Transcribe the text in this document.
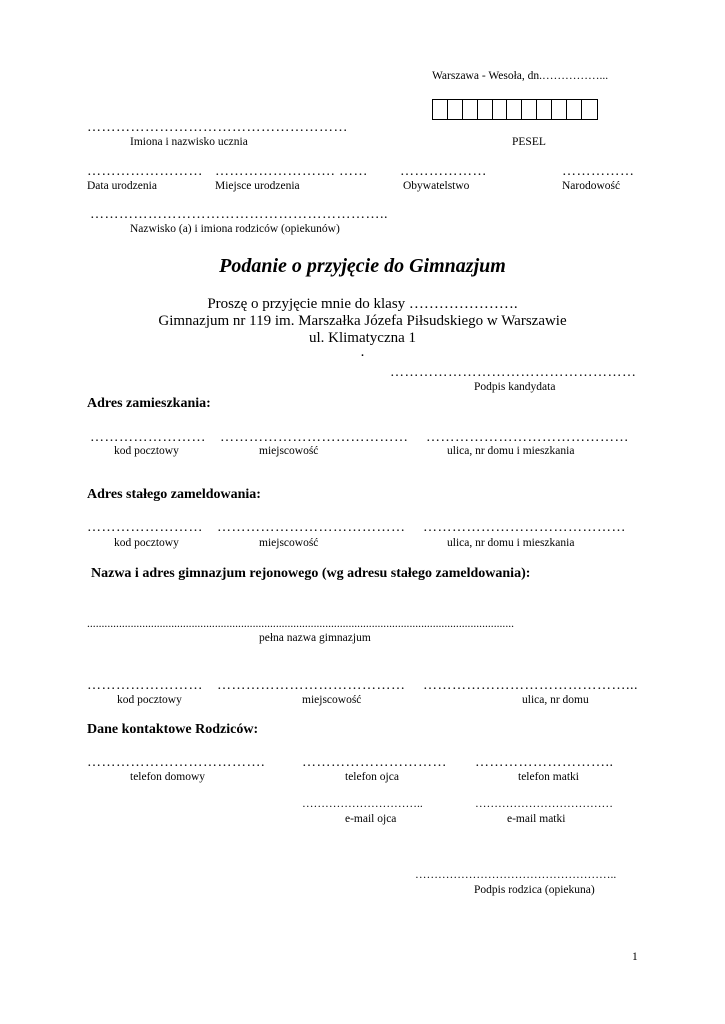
Warszawa - Wesoła, dn.……………...
………………………………………………
Imiona i nazwisko ucznia	PESEL
…………………… ……………………. …… ………………	……………
Data urodzenia	Miejsce urodzenia	Obywatelstwo	Narodowość
……………………………………………………..
Nazwisko (a) i imiona rodziców (opiekunów)
Podanie o przyjęcie do Gimnazjum
Proszę o przyjęcie mnie do klasy ………………….
Gimnazjum nr 119 im. Marszałka Józefa Piłsudskiego w Warszawie
ul. Klimatyczna 1
.
……………………………………………
Podpis kandydata
Adres zamieszkania:
…………………… ………………………………… ……………………………………
kod pocztowy	miejscowość	ulica, nr domu i mieszkania
Adres stałego zameldowania:
…………………… ………………………………… ……………………………………
kod pocztowy	miejscowość	ulica, nr domu i mieszkania
Nazwa i adres gimnazjum rejonowego (wg adresu stałego zameldowania):
...................................................................................................................................................
pełna nazwa gimnazjum
…………………… ………………………………… ……………………………………...
kod pocztowy	miejscowość	ulica, nr domu
Dane kontaktowe Rodziców:
……………………………….	………………………… ………………………..
telefon domowy	telefon ojca	telefon matki
…………………………..	………………………………
e-mail ojca	e-mail matki
……………………………………………..
Podpis rodzica (opiekuna)
1
